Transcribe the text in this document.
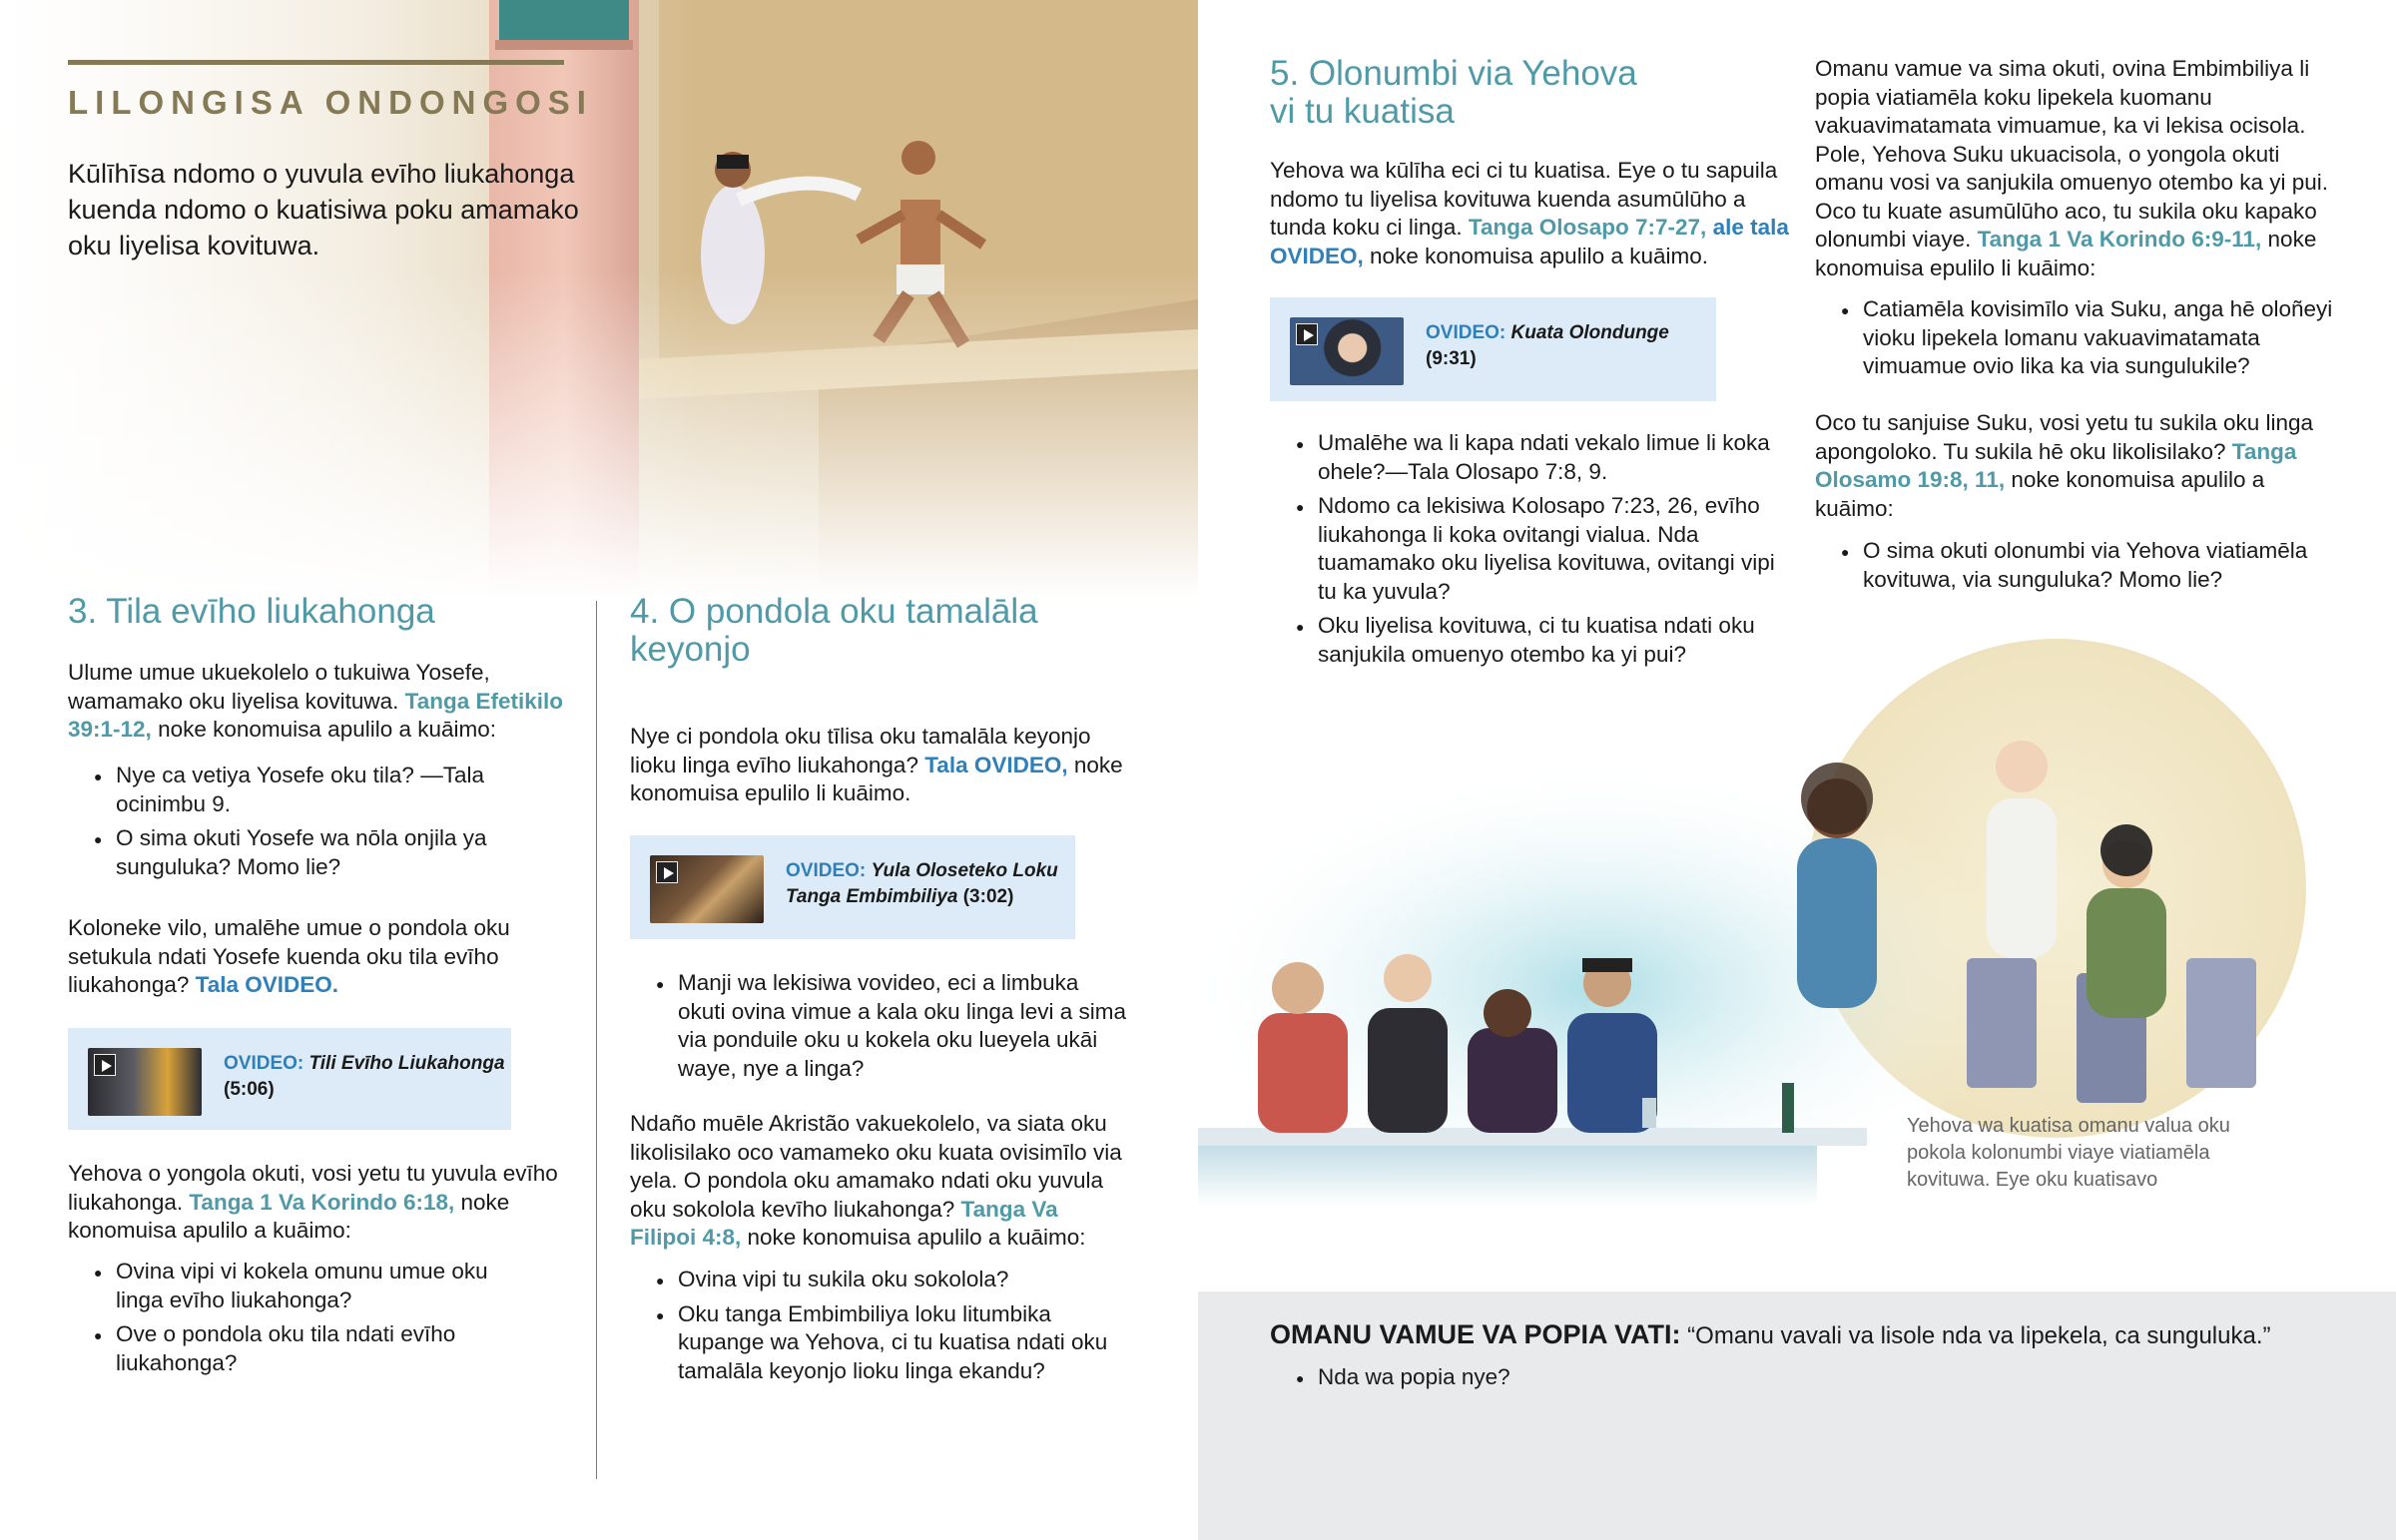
LILONGISA ONDONGOSI
Kūlīhīsa ndomo o yuvula evīho liukahonga kuenda ndomo o kuatisiwa poku amamako oku liyelisa kovituwa.
3. Tila evīho liukahonga

Ulume umue ukuekolelo o tukuiwa Yosefe, wamamako oku liyelisa kovituwa. Tanga Efetikilo 39:1-12, noke konomuisa apulilo a kuāimo:

● Nye ca vetiya Yosefe oku tila? —Tala ocinimbu 9.
● O sima okuti Yosefe wa nōla onjila ya sunguluka? Momo lie?

Koloneke vilo, umalēhe umue o pondola oku setukula ndati Yosefe kuenda oku tila evīho liukahonga? Tala OVIDEO.

OVIDEO: Tili Evīho Liukahonga
(5:06)

Yehova o yongola okuti, vosi yetu tu yuvula evīho liukahonga. Tanga 1 Va Korindo 6:18, noke konomuisa apulilo a kuāimo:

● Ovina vipi vi kokela omunu umue oku linga evīho liukahonga?
● Ove o pondola oku tila ndati evīho liukahonga?
4. O pondola oku tamalāla keyonjo

Nye ci pondola oku tīlisa oku tamalāla keyonjo lioku linga evīho liukahonga? Tala OVIDEO, noke konomuisa epulilo li kuāimo.

OVIDEO: Yula Oloseteko Loku Tanga Embimbiliya (3:02)
● Manji wa lekisiwa vovideo, eci a limbuka okuti ovina vimue a kala oku linga levi a sima via ponduile oku u kokela oku lueyela ukāi waye, nye a linga?

Ndaño muēle Akristão vakuekolelo, va siata oku likolisilako oco vamameko oku kuata ovisimīlo via yela. O pondola oku amamako ndati oku yuvula oku sokolola kevīho liukahonga? Tanga Va Filipoi 4:8, noke konomuisa apulilo a kuāimo:

● Ovina vipi tu sukila oku sokolola?
● Oku tanga Embimbiliya loku litumbika kupange wa Yehova, ci tu kuatisa ndati oku tamalāla keyonjo lioku linga ekandu?
5. Olonumbi via Yehova
vi tu kuatisa

Yehova wa kūlīha eci ci tu kuatisa. Eye o tu sapuila ndomo tu liyelisa kovituwa kuenda asumūlūho a tunda koku ci linga. Tanga Olosapo 7:7-27, ale tala OVIDEO, noke konomuisa apulilo a kuāimo.

OVIDEO: Kuata Olondunge
(9:31)
● Umalēhe wa li kapa ndati vekalo limue li koka ohele?—Tala Olosapo 7:8, 9.
● Ndomo ca lekisiwa Kolosapo 7:23, 26, evīho liukahonga li koka ovitangi vialua. Nda tuamamako oku liyelisa kovituwa, ovitangi vipi tu ka yuvula?
● Oku liyelisa kovituwa, ci tu kuatisa ndati oku sanjukila omuenyo otembo ka yi pui?

Omanu vamue va sima okuti, ovina Embimbiliya li popia viatiamēla koku lipekela kuomanu vakuavimatamata vimuamue, ka vi lekisa ocisola. Pole, Yehova Suku ukuacisola, o yongola okuti omanu vosi va sanjukila omuenyo otembo ka yi pui. Oco tu kuate asumūlūho aco, tu sukila oku kapako olonumbi viaye. Tanga 1 Va Korindo 6:9-11, noke konomuisa epulilo li kuāimo:

● Catiamēla kovisimīlo via Suku, anga hē oloñeyi vioku lipekela lomanu vakuavimatamata vimuamue ovio lika ka via sungulukile?

Oco tu sanjuise Suku, vosi yetu tu sukila oku linga apongoloko. Tu sukila hē oku likolisilako? Tanga Olosamo 19:8, 11, noke konomuisa apulilo a kuāimo:

● O sima okuti olonumbi via Yehova viatiamēla kovituwa, via sunguluka? Momo lie?
Yehova wa kuatisa omanu valua oku pokola kolonumbi viaye viatiamēla kovituwa. Eye oku kuatisavo
OMANU VAMUE VA POPIA VATI: “Omanu vavali va lisole nda va lipekela, ca sunguluka.”
● Nda wa popia nye?
